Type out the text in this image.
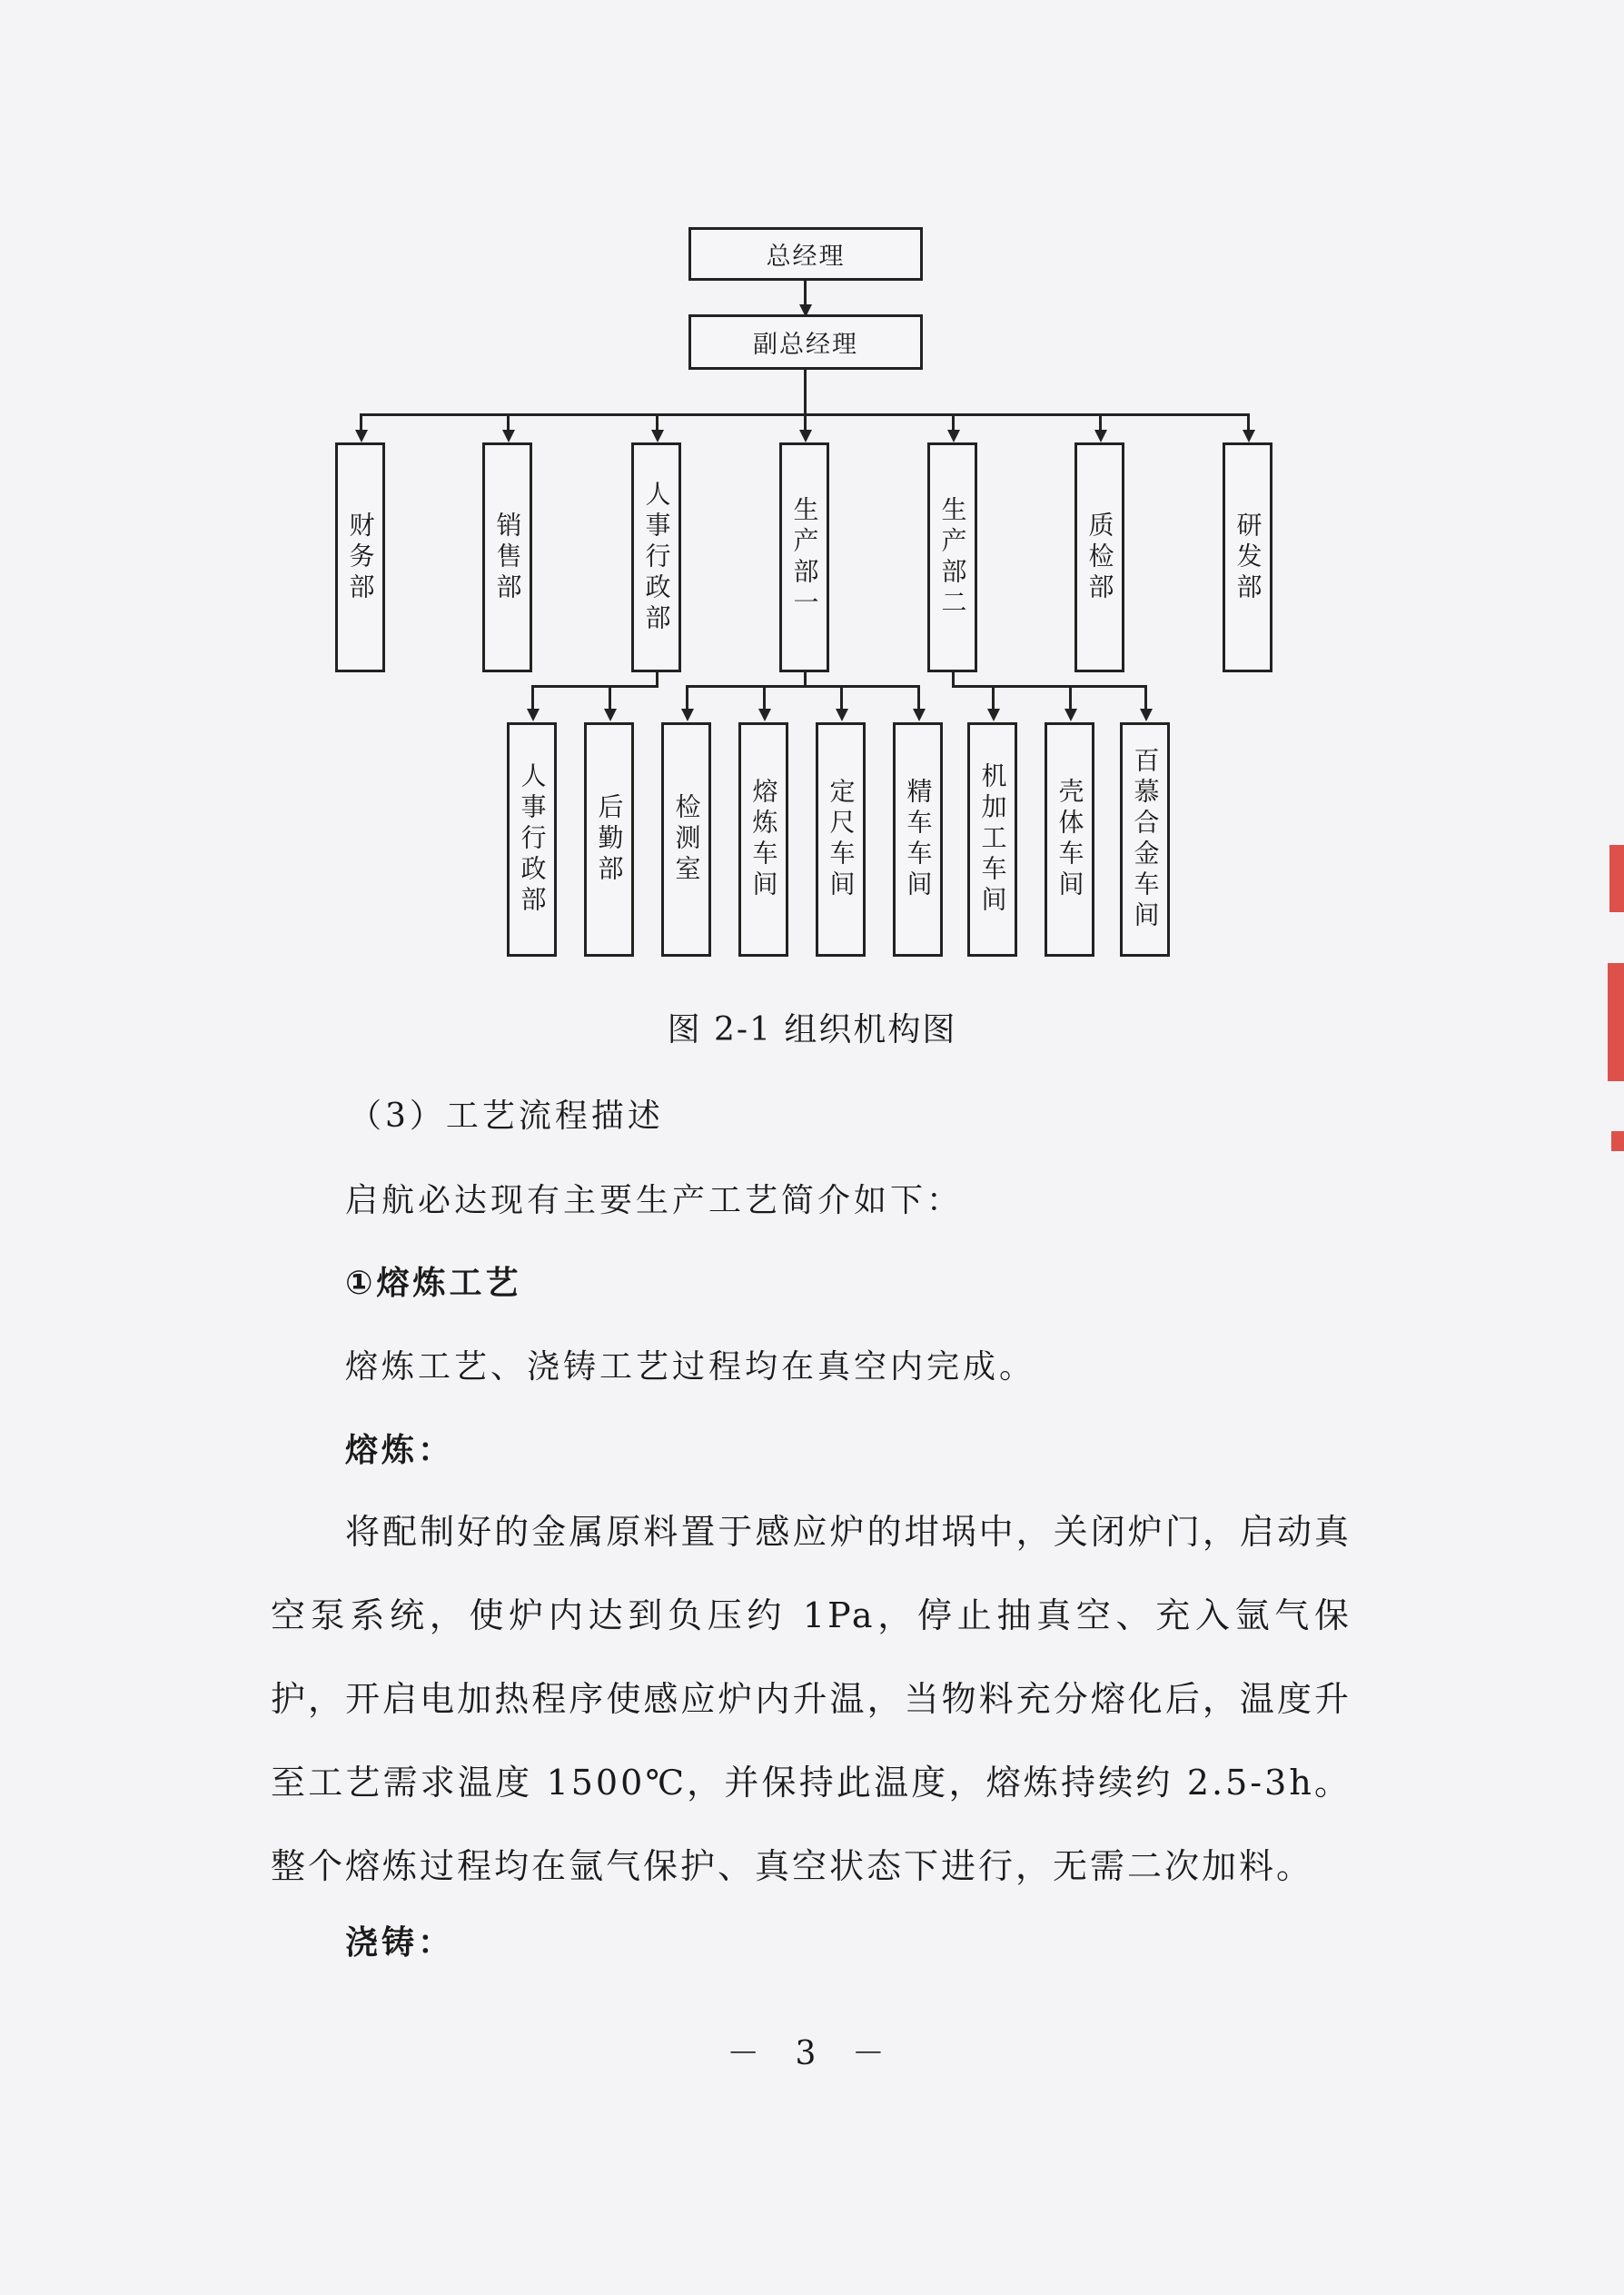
总经理
副总经理
财务部	销售部	人事行政部	生产部一	生产部二	质检部	研发部
人事行政部 后勤部 检测室 熔炼车间 定尺车间 精车车间 机加工车间 壳体车间 百慕合金车间
图 2-1 组织机构图

（3）工艺流程描述

启航必达现有主要生产工艺简介如下：

①熔炼工艺

熔炼工艺、浇铸工艺过程均在真空内完成。

熔炼：

将配制好的金属原料置于感应炉的坩埚中，关闭炉门，启动真空泵系统，使炉内达到负压约 1Pa，停止抽真空、充入氩气保护，开启电加热程序使感应炉内升温，当物料充分熔化后，温度升至工艺需求温度 1500℃，并保持此温度，熔炼持续约 2.5-3h。整个熔炼过程均在氩气保护、真空状态下进行，无需二次加料。

浇铸：

－ 3 －
